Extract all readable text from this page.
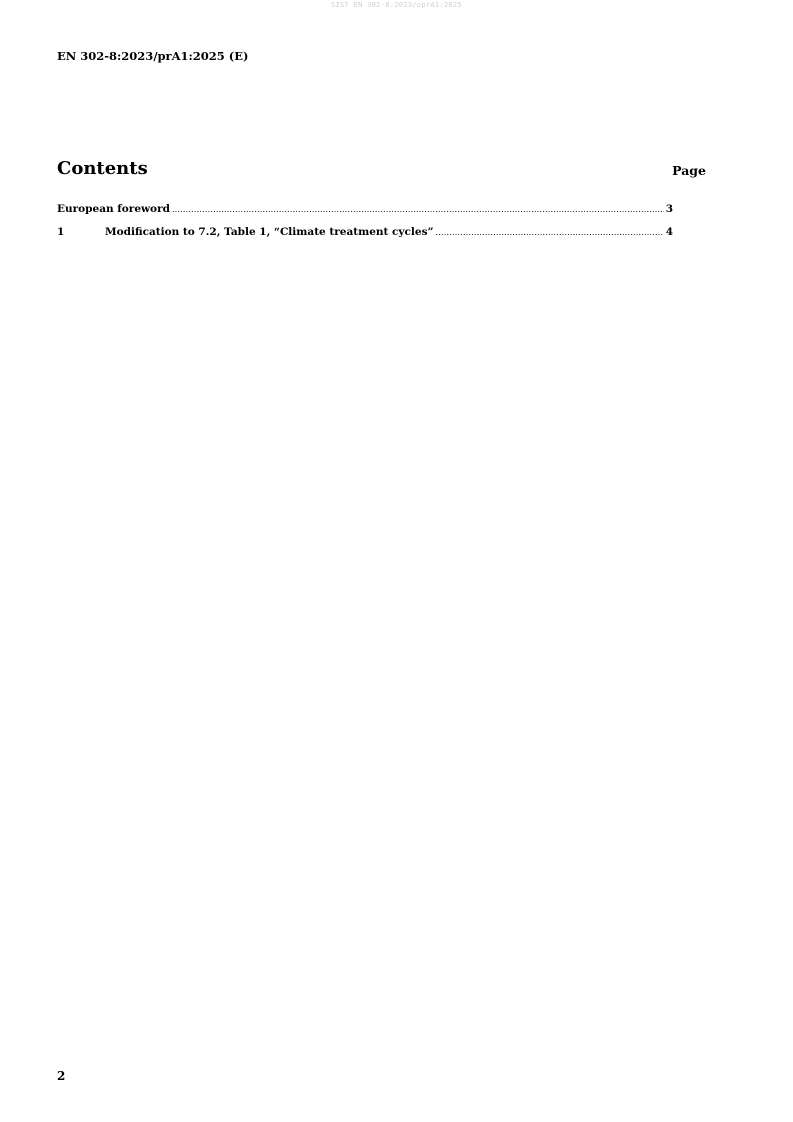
SIST EN 302-8:2023/oprA1:2025
EN 302-8:2023/prA1:2025 (E)
Contents	Page
European foreword .....	3
1	Modification to 7.2, Table 1, “Climate treatment cycles” .....	4
2
